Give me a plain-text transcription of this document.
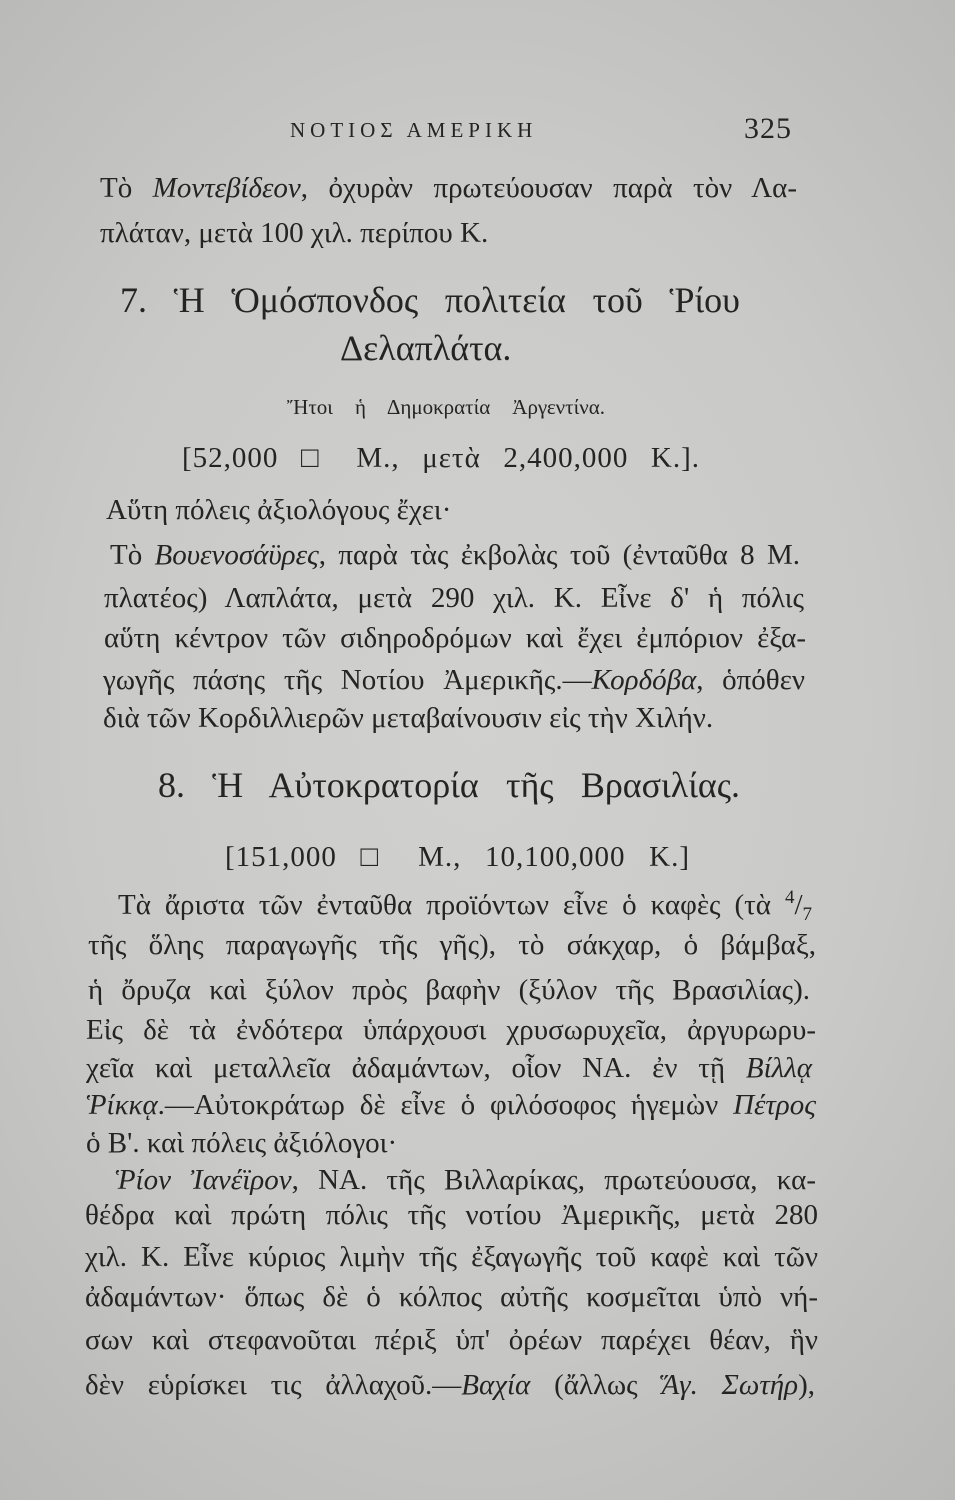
ΝΟΤΙΟΣ ΑΜΕΡΙΚΗ	325
Τὸ Μοντεβίδεον, ὀχυρὰν πρωτεύουσαν παρὰ τὸν Λα-
πλάταν, μετὰ 100 χιλ. περίπου Κ.
7. Ἡ Ὁμόσπονδος πολιτεία τοῦ Ῥίου
Δελαπλάτα.
Ἤτοι ἡ Δημοκρατία Ἀργεντίνα.
[52,000 □ Μ., μετὰ 2,400,000 Κ.].
Αὕτη πόλεις ἀξιολόγους ἔχει·
Τὸ Βουενοσάϋρες, παρὰ τὰς ἐκβολὰς τοῦ (ἐνταῦθα 8 Μ.
πλατέος) Λαπλάτα, μετὰ 290 χιλ. Κ. Εἶνε δ' ἡ πόλις
αὕτη κέντρον τῶν σιδηροδρόμων καὶ ἔχει ἐμπόριον ἐξα-
γωγῆς πάσης τῆς Νοτίου Ἀμερικῆς.—Κορδόβα, ὁπόθεν
διὰ τῶν Κορδιλλιερῶν μεταβαίνουσιν εἰς τὴν Χιλήν.
8. Ἡ Αὐτοκρατορία τῆς Βρασιλίας.
[151,000 □ Μ., 10,100,000 Κ.]
Τὰ ἄριστα τῶν ἐνταῦθα προϊόντων εἶνε ὁ καφὲς (τὰ $^4/_7$
τῆς ὅλης παραγωγῆς τῆς γῆς), τὸ σάκχαρ, ὁ βάμβαξ,
ἡ ὄρυζα καὶ ξύλον πρὸς βαφὴν (ξύλον τῆς Βρασιλίας).
Εἰς δὲ τὰ ἐνδότερα ὑπάρχουσι χρυσωρυχεῖα, ἀργυρωρυ-
χεῖα καὶ μεταλλεῖα ἀδαμάντων, οἷον ΝΑ. ἐν τῇ Βίλλᾳ
Ῥίκκᾳ.—Αὐτοκράτωρ δὲ εἶνε ὁ φιλόσοφος ἡγεμὼν Πέτρος
ὁ Β'. καὶ πόλεις ἀξιόλογοι·
Ῥίον Ἰανέϊρον, ΝΑ. τῆς Βιλλαρίκας, πρωτεύουσα, κα-
θέδρα καὶ πρώτη πόλις τῆς νοτίου Ἀμερικῆς, μετὰ 280
χιλ. Κ. Εἶνε κύριος λιμὴν τῆς ἐξαγωγῆς τοῦ καφὲ καὶ τῶν
ἀδαμάντων· ὅπως δὲ ὁ κόλπος αὐτῆς κοσμεῖται ὑπὸ νή-
σων καὶ στεφανοῦται πέριξ ὑπ' ὀρέων παρέχει θέαν, ἣν
δὲν εὑρίσκει τις ἀλλαχοῦ.—Βαχία (ἄλλως Ἅγ. Σωτήρ),
